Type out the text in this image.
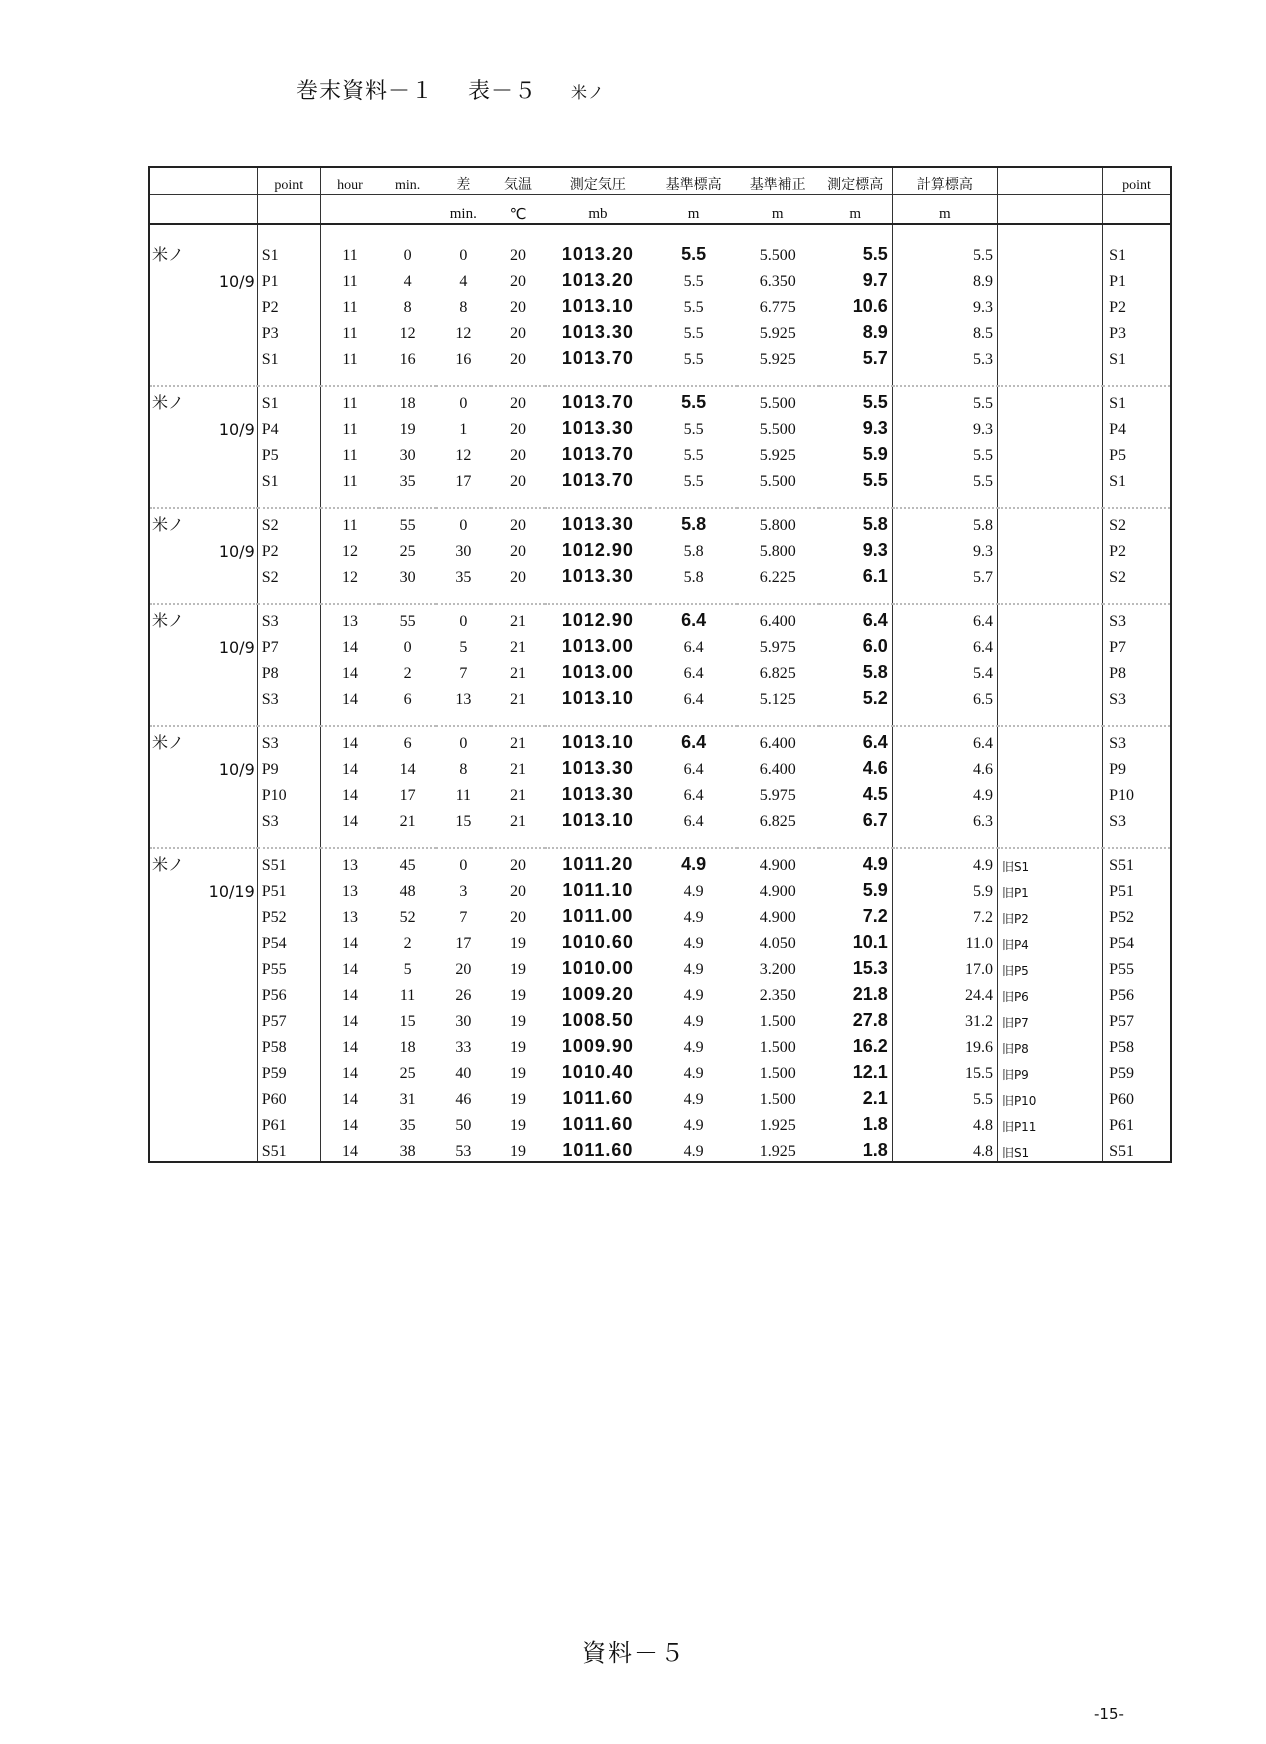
巻末資料－１ 表－５ 米ノ
	point	hour	min.	差	気温	測定気圧	基準標高	基準補正	測定標高	計算標高		point
				min.	℃	mb	m	m	m	m		

米ノ	S1	11	0	0	20	1013.20	5.5	5.500	5.5	5.5		S1
10/9	P1	11	4	4	20	1013.20	5.5	6.350	9.7	8.9		P1
	P2	11	8	8	20	1013.10	5.5	6.775	10.6	9.3		P2
	P3	11	12	12	20	1013.30	5.5	5.925	8.9	8.5		P3
	S1	11	16	16	20	1013.70	5.5	5.925	5.7	5.3		S1

米ノ	S1	11	18	0	20	1013.70	5.5	5.500	5.5	5.5		S1
10/9	P4	11	19	1	20	1013.30	5.5	5.500	9.3	9.3		P4
	P5	11	30	12	20	1013.70	5.5	5.925	5.9	5.5		P5
	S1	11	35	17	20	1013.70	5.5	5.500	5.5	5.5		S1

米ノ	S2	11	55	0	20	1013.30	5.8	5.800	5.8	5.8		S2
10/9	P2	12	25	30	20	1012.90	5.8	5.800	9.3	9.3		P2
	S2	12	30	35	20	1013.30	5.8	6.225	6.1	5.7		S2

米ノ	S3	13	55	0	21	1012.90	6.4	6.400	6.4	6.4		S3
10/9	P7	14	0	5	21	1013.00	6.4	5.975	6.0	6.4		P7
	P8	14	2	7	21	1013.00	6.4	6.825	5.8	5.4		P8
	S3	14	6	13	21	1013.10	6.4	5.125	5.2	6.5		S3

米ノ	S3	14	6	0	21	1013.10	6.4	6.400	6.4	6.4		S3
10/9	P9	14	14	8	21	1013.30	6.4	6.400	4.6	4.6		P9
	P10	14	17	11	21	1013.30	6.4	5.975	4.5	4.9		P10
	S3	14	21	15	21	1013.10	6.4	6.825	6.7	6.3		S3

米ノ	S51	13	45	0	20	1011.20	4.9	4.900	4.9	4.9	旧S1	S51
10/19	P51	13	48	3	20	1011.10	4.9	4.900	5.9	5.9	旧P1	P51
	P52	13	52	7	20	1011.00	4.9	4.900	7.2	7.2	旧P2	P52
	P54	14	2	17	19	1010.60	4.9	4.050	10.1	11.0	旧P4	P54
	P55	14	5	20	19	1010.00	4.9	3.200	15.3	17.0	旧P5	P55
	P56	14	11	26	19	1009.20	4.9	2.350	21.8	24.4	旧P6	P56
	P57	14	15	30	19	1008.50	4.9	1.500	27.8	31.2	旧P7	P57
	P58	14	18	33	19	1009.90	4.9	1.500	16.2	19.6	旧P8	P58
	P59	14	25	40	19	1010.40	4.9	1.500	12.1	15.5	旧P9	P59
	P60	14	31	46	19	1011.60	4.9	1.500	2.1	5.5	旧P10	P60
	P61	14	35	50	19	1011.60	4.9	1.925	1.8	4.8	旧P11	P61
	S51	14	38	53	19	1011.60	4.9	1.925	1.8	4.8	旧S1	S51
資料－５
-15-
